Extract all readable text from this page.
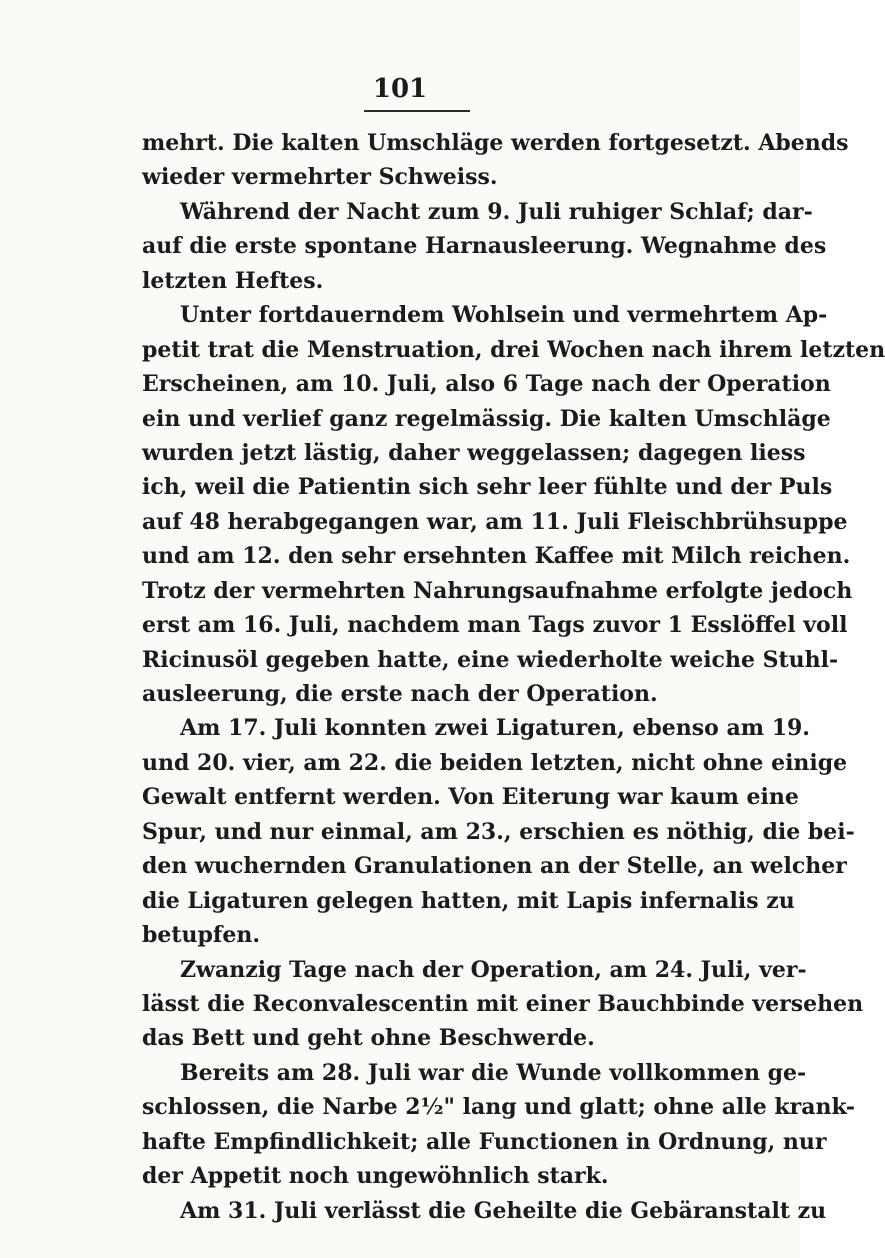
101
mehrt. Die kalten Umschläge werden fortgesetzt. Abends
wieder vermehrter Schweiss.
Während der Nacht zum 9. Juli ruhiger Schlaf; dar-
auf die erste spontane Harnausleerung. Wegnahme des
letzten Heftes.
Unter fortdauerndem Wohlsein und vermehrtem Ap-
petit trat die Menstruation, drei Wochen nach ihrem letzten
Erscheinen, am 10. Juli, also 6 Tage nach der Operation
ein und verlief ganz regelmässig. Die kalten Umschläge
wurden jetzt lästig, daher weggelassen; dagegen liess
ich, weil die Patientin sich sehr leer fühlte und der Puls
auf 48 herabgegangen war, am 11. Juli Fleischbrühsuppe
und am 12. den sehr ersehnten Kaffee mit Milch reichen.
Trotz der vermehrten Nahrungsaufnahme erfolgte jedoch
erst am 16. Juli, nachdem man Tags zuvor 1 Esslöffel voll
Ricinusöl gegeben hatte, eine wiederholte weiche Stuhl-
ausleerung, die erste nach der Operation.
Am 17. Juli konnten zwei Ligaturen, ebenso am 19.
und 20. vier, am 22. die beiden letzten, nicht ohne einige
Gewalt entfernt werden. Von Eiterung war kaum eine
Spur, und nur einmal, am 23., erschien es nöthig, die bei-
den wuchernden Granulationen an der Stelle, an welcher
die Ligaturen gelegen hatten, mit Lapis infernalis zu
betupfen.
Zwanzig Tage nach der Operation, am 24. Juli, ver-
lässt die Reconvalescentin mit einer Bauchbinde versehen
das Bett und geht ohne Beschwerde.
Bereits am 28. Juli war die Wunde vollkommen ge-
schlossen, die Narbe 2½" lang und glatt; ohne alle krank-
hafte Empfindlichkeit; alle Functionen in Ordnung, nur
der Appetit noch ungewöhnlich stark.
Am 31. Juli verlässt die Geheilte die Gebäranstalt zu
